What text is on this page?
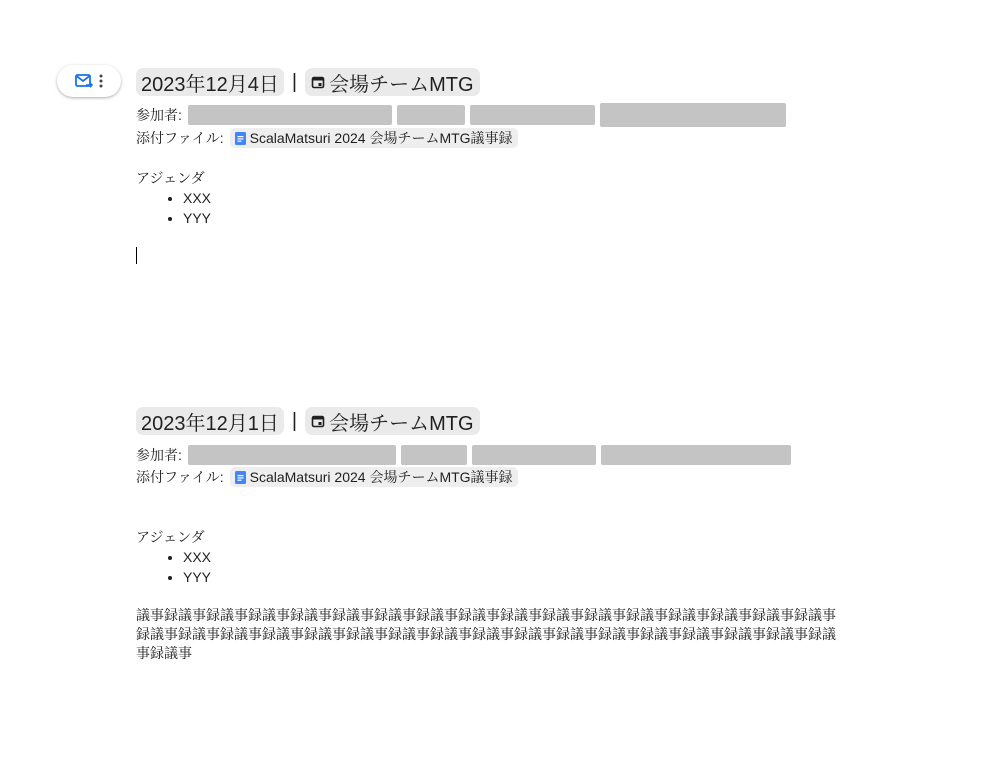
2023年12月4日 | 会場チームMTG
参加者:
添付ファイル: ScalaMatsuri 2024 会場チームMTG議事録
アジェンダ
• XXX
• YYY
2023年12月1日 | 会場チームMTG
参加者:
添付ファイル: ScalaMatsuri 2024 会場チームMTG議事録
アジェンダ
• XXX
• YYY
議事録議事録議事録議事録議事録議事録議事録議事録議事録議事録議事録議事録議事録議事録議事録議事録議事録議事録議事録議事録議事録議事録議事録議事録議事録議事録議事録議事録議事録議事録議事録議事録議事録議事録議事
